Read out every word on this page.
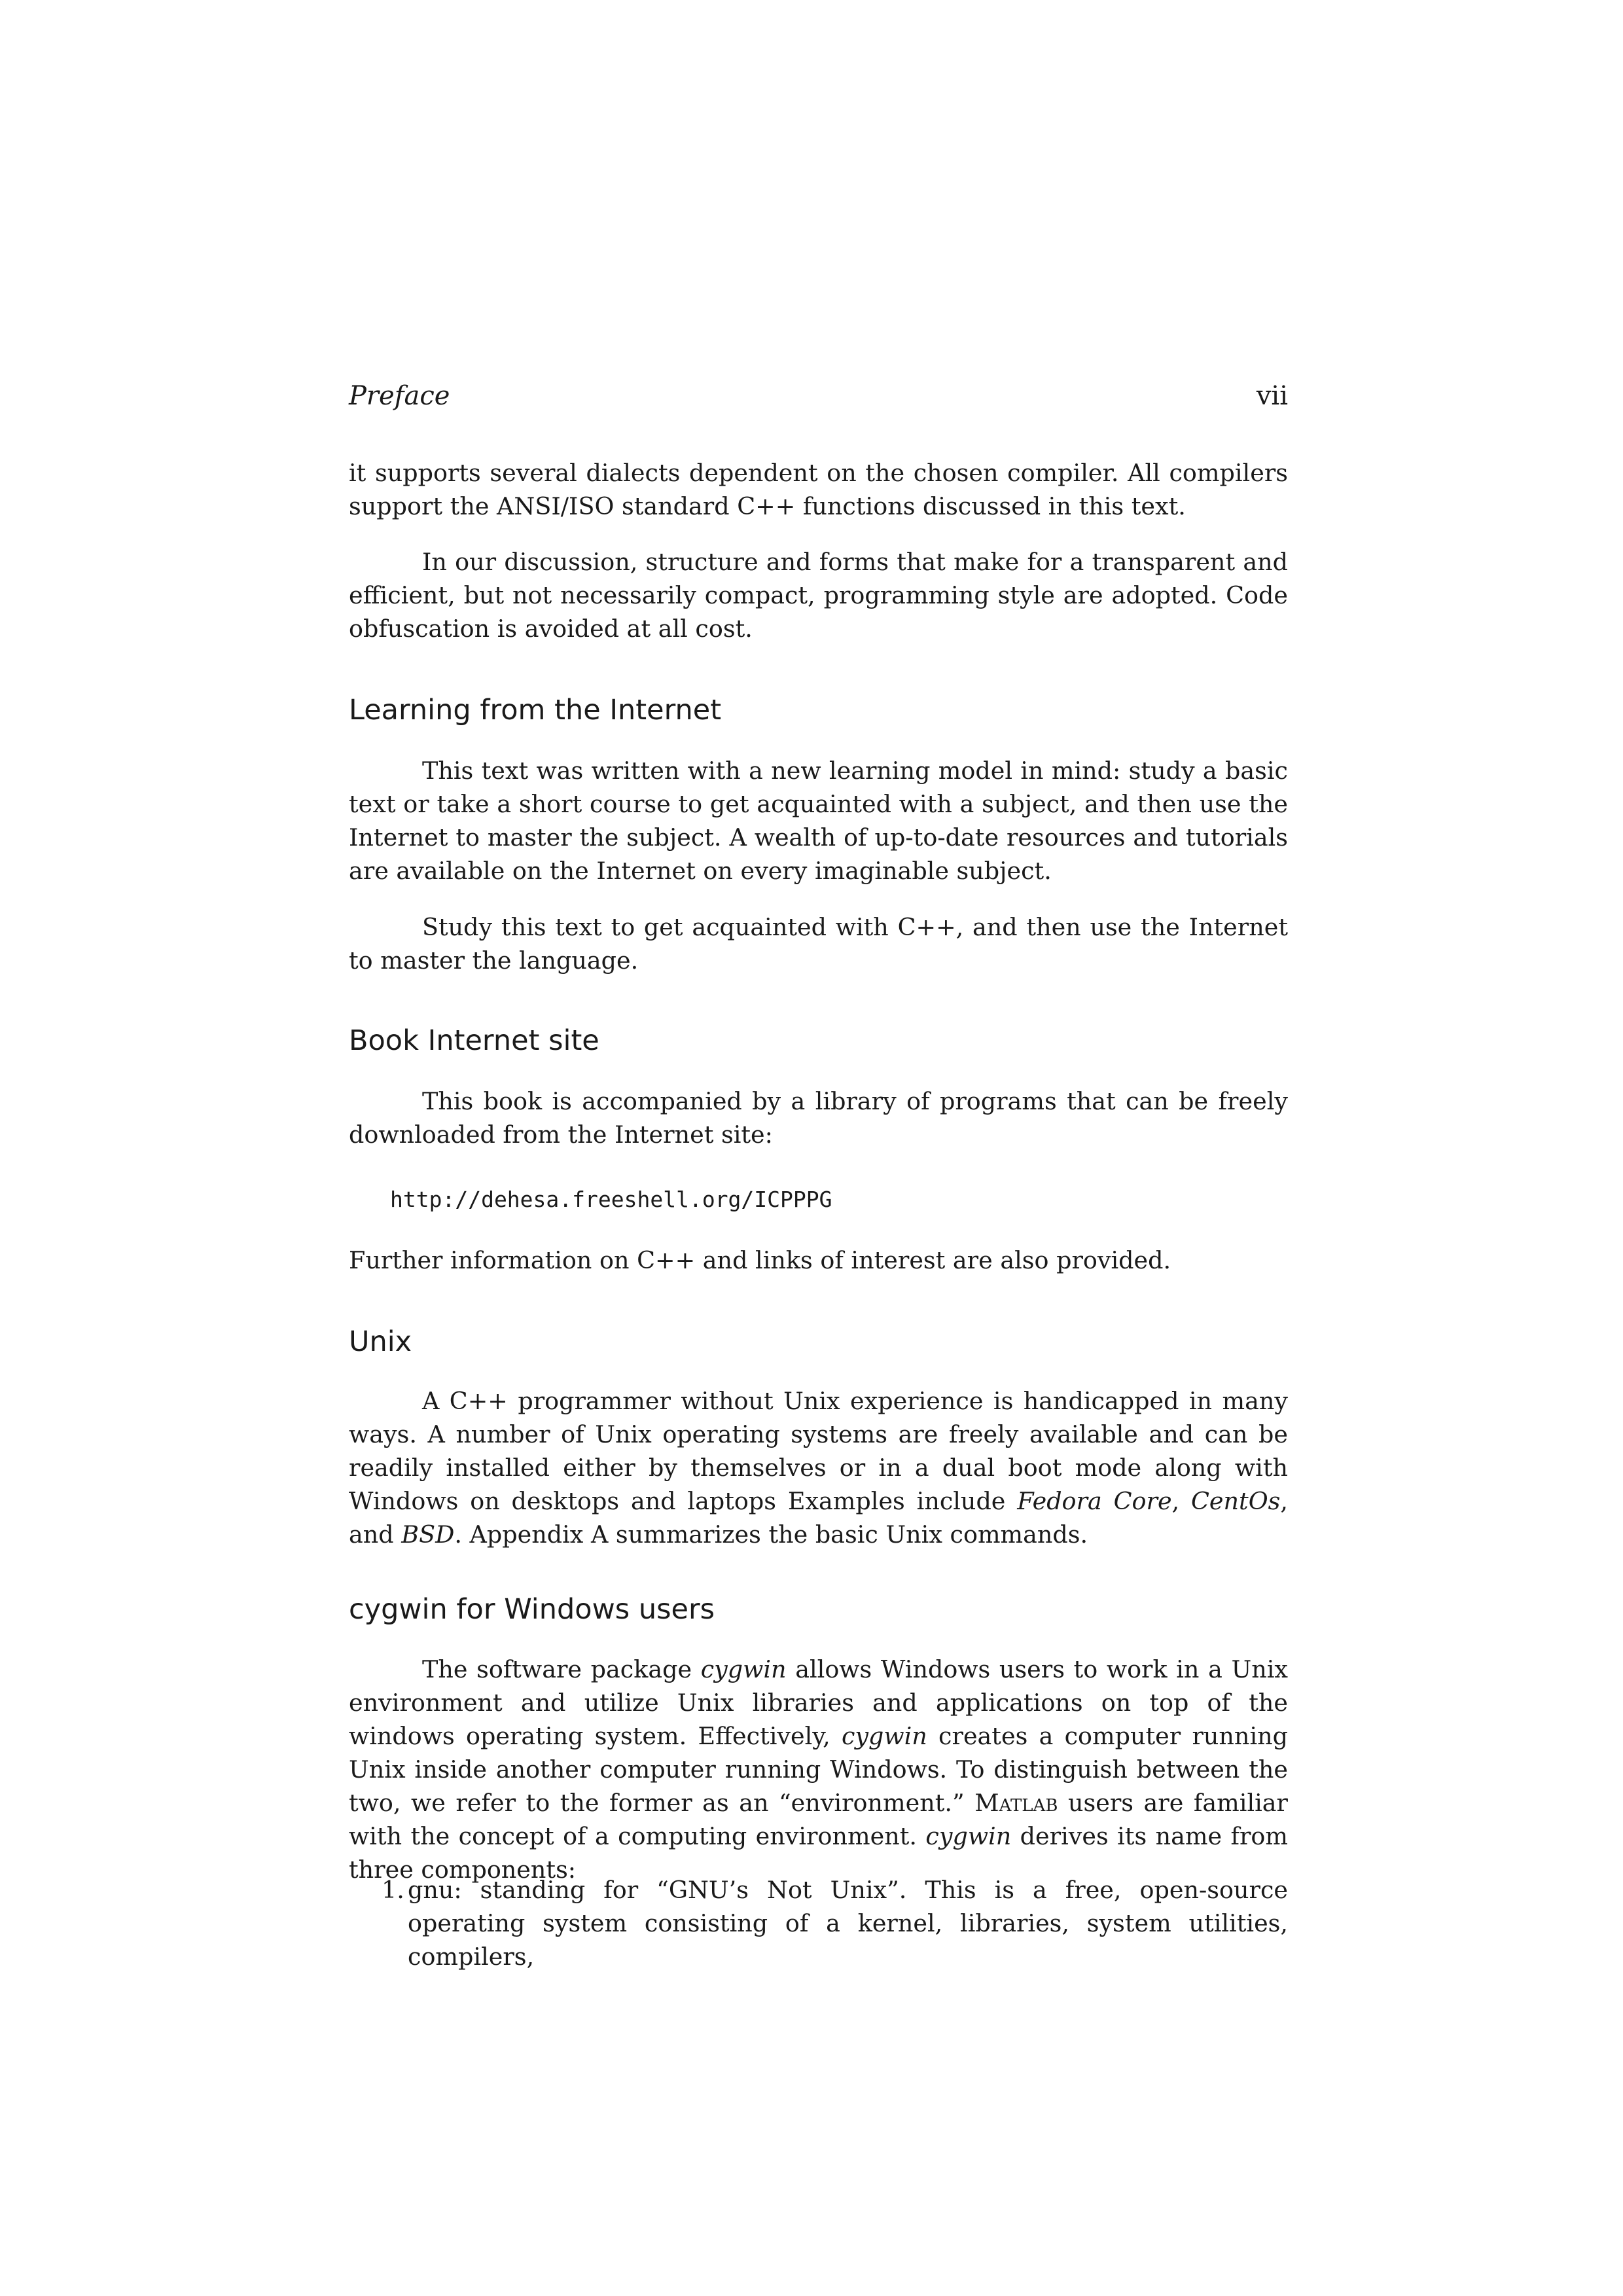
Preface	vii

it supports several dialects dependent on the chosen compiler. All compilers support the ANSI/ISO standard C++ functions discussed in this text.

In our discussion, structure and forms that make for a transparent and efficient, but not necessarily compact, programming style are adopted. Code obfuscation is avoided at all cost.

Learning from the Internet

This text was written with a new learning model in mind: study a basic text or take a short course to get acquainted with a subject, and then use the Internet to master the subject. A wealth of up-to-date resources and tutorials are available on the Internet on every imaginable subject.

Study this text to get acquainted with C++, and then use the Internet to master the language.

Book Internet site

This book is accompanied by a library of programs that can be freely downloaded from the Internet site:

http://dehesa.freeshell.org/ICPPPG

Further information on C++ and links of interest are also provided.

Unix

A C++ programmer without Unix experience is handicapped in many ways. A number of Unix operating systems are freely available and can be readily installed either by themselves or in a dual boot mode along with Windows on desktops and laptops Examples include Fedora Core, CentOs, and BSD. Appendix A summarizes the basic Unix commands.

cygwin for Windows users

The software package cygwin allows Windows users to work in a Unix environment and utilize Unix libraries and applications on top of the windows operating system. Effectively, cygwin creates a computer running Unix inside another computer running Windows. To distinguish between the two, we refer to the former as an “environment.” Matlab users are familiar with the concept of a computing environment. cygwin derives its name from three components:

1. gnu: standing for “GNU’s Not Unix”. This is a free, open-source operating system consisting of a kernel, libraries, system utilities, compilers,
